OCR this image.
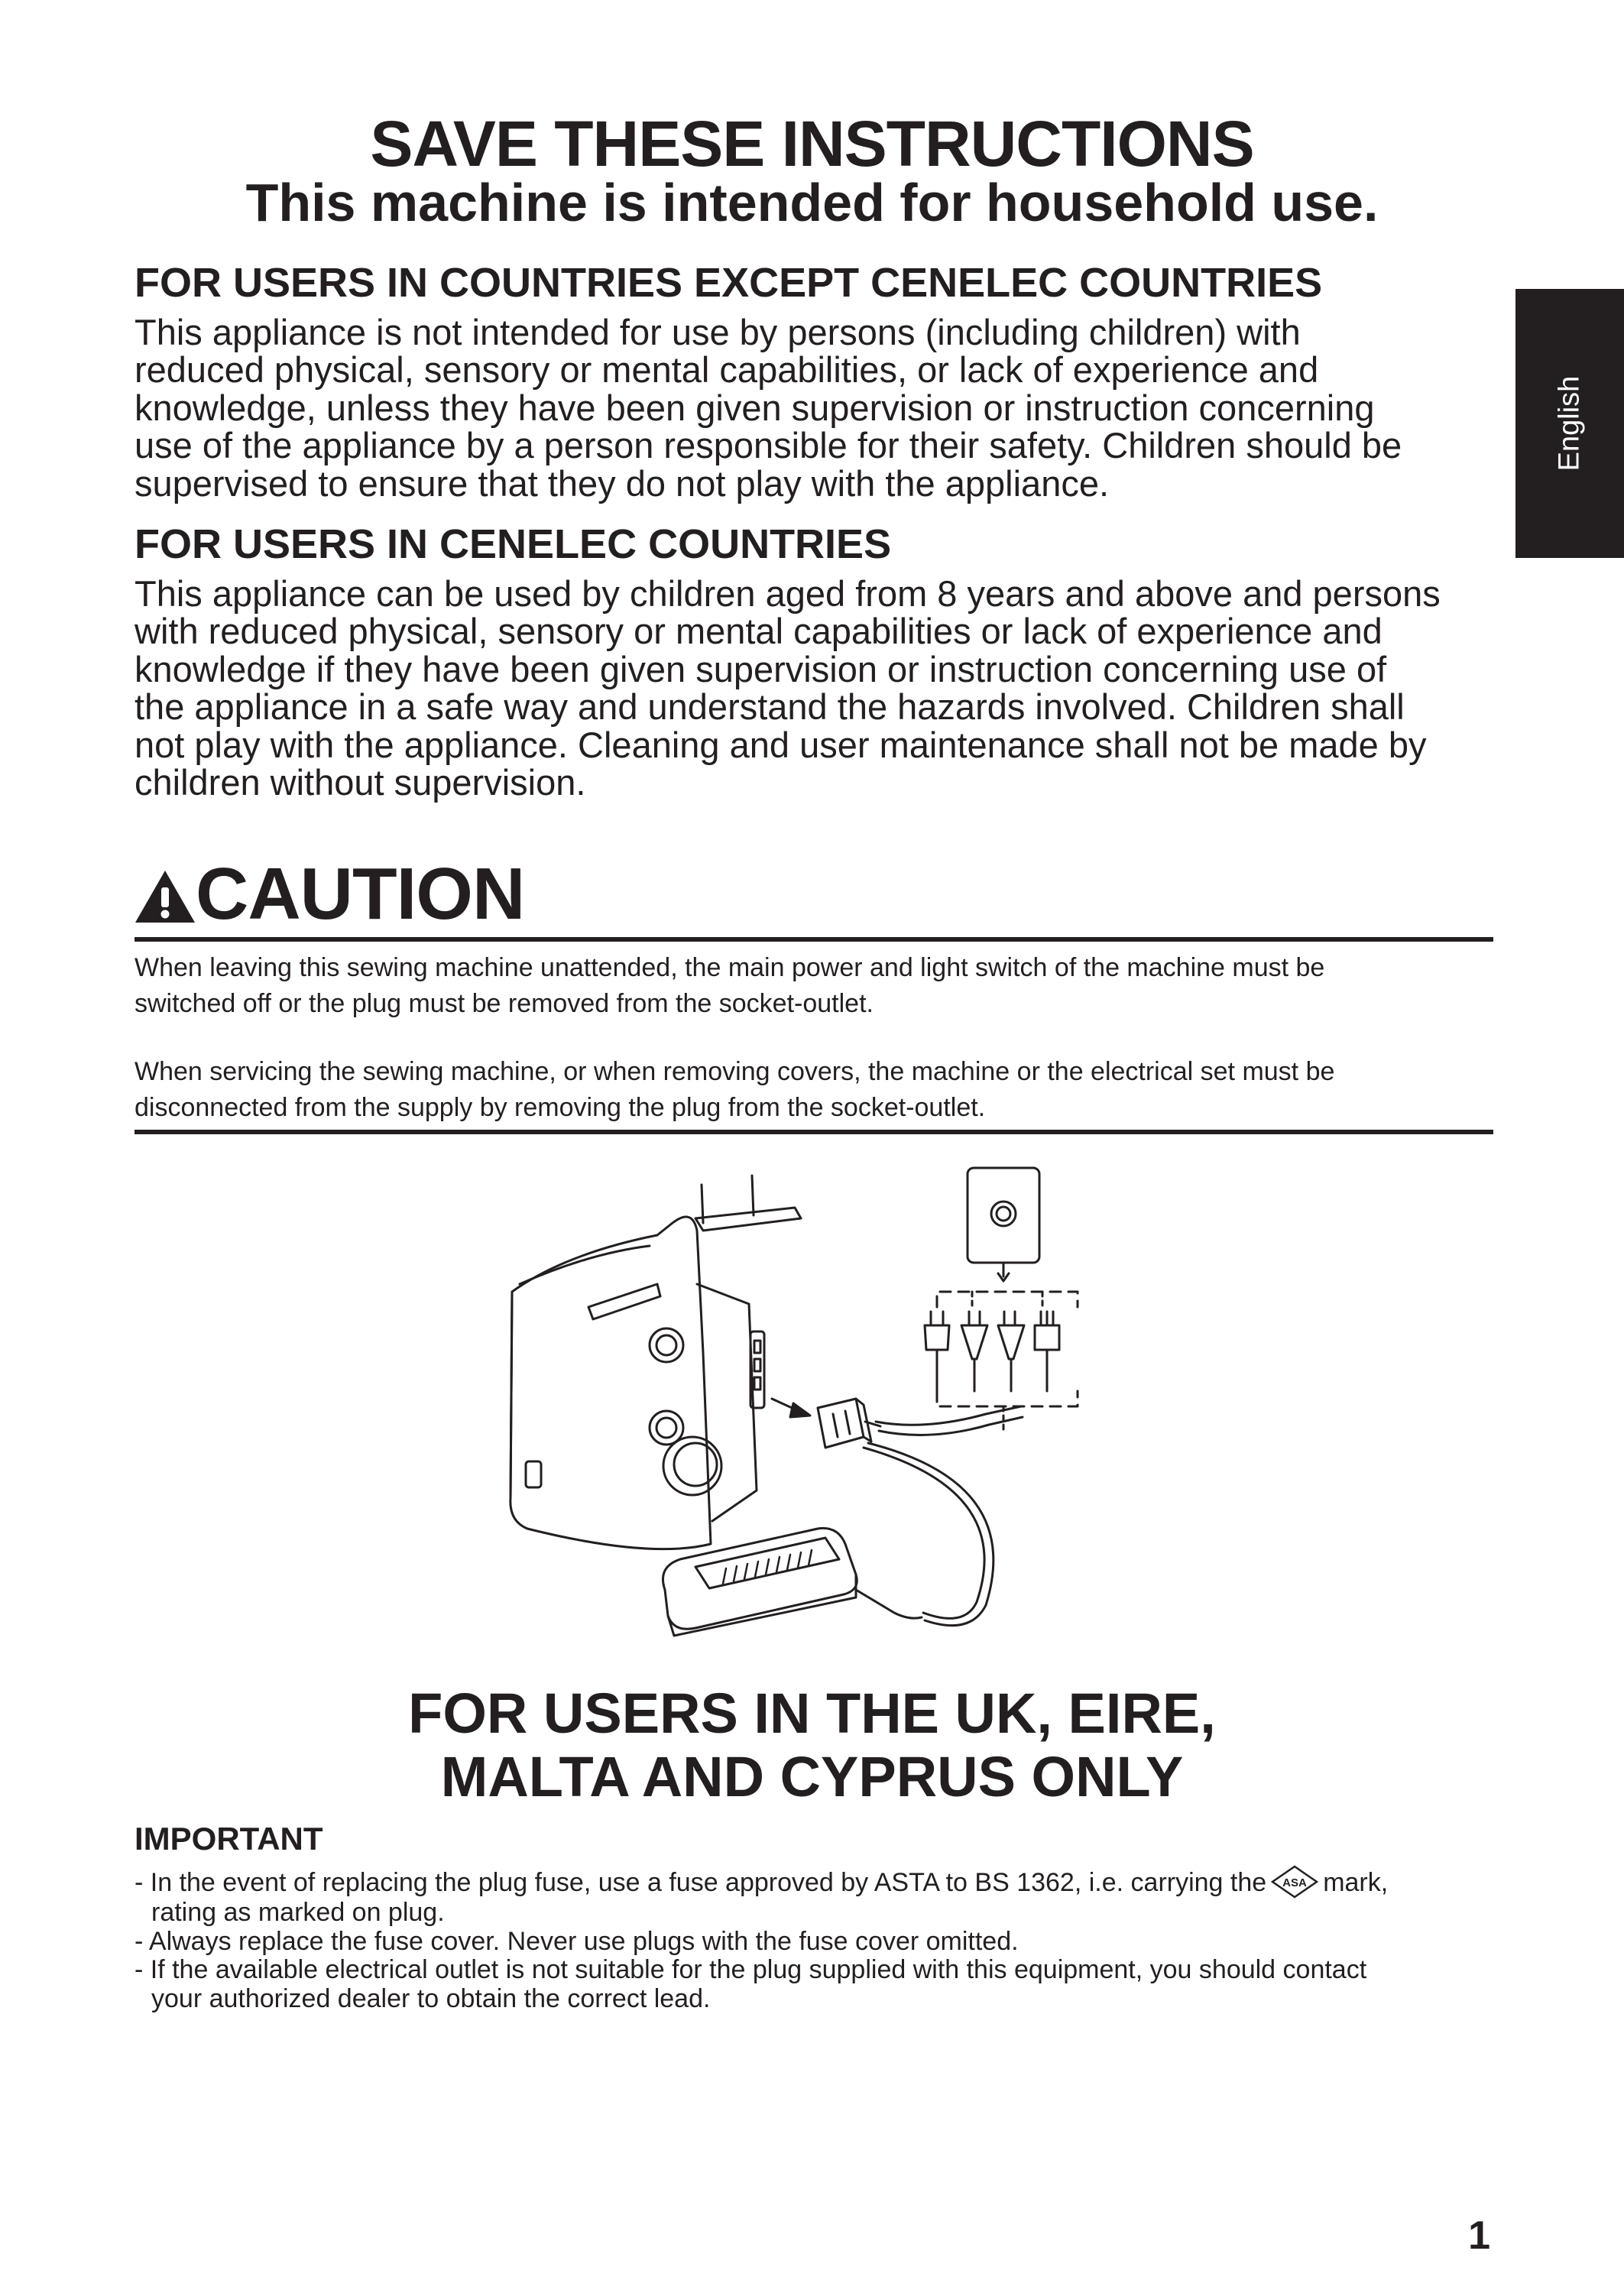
SAVE THESE INSTRUCTIONS
This machine is intended for household use.
English
FOR USERS IN COUNTRIES EXCEPT CENELEC COUNTRIES
This appliance is not intended for use by persons (including children) with
reduced physical, sensory or mental capabilities, or lack of experience and
knowledge, unless they have been given supervision or instruction concerning
use of the appliance by a person responsible for their safety. Children should be
supervised to ensure that they do not play with the appliance.
FOR USERS IN CENELEC COUNTRIES
This appliance can be used by children aged from 8 years and above and persons
with reduced physical, sensory or mental capabilities or lack of experience and
knowledge if they have been given supervision or instruction concerning use of
the appliance in a safe way and understand the hazards involved. Children shall
not play with the appliance. Cleaning and user maintenance shall not be made by
children without supervision.
CAUTION
When leaving this sewing machine unattended, the main power and light switch of the machine must be
switched off or the plug must be removed from the socket-outlet.
When servicing the sewing machine, or when removing covers, the machine or the electrical set must be
disconnected from the supply by removing the plug from the socket-outlet.
FOR USERS IN THE UK, EIRE,
MALTA AND CYPRUS ONLY
IMPORTANT
- In the event of replacing the plug fuse, use a fuse approved by ASTA to BS 1362, i.e. carrying the ASA mark,
rating as marked on plug.
- Always replace the fuse cover. Never use plugs with the fuse cover omitted.
- If the available electrical outlet is not suitable for the plug supplied with this equipment, you should contact
your authorized dealer to obtain the correct lead.
1
